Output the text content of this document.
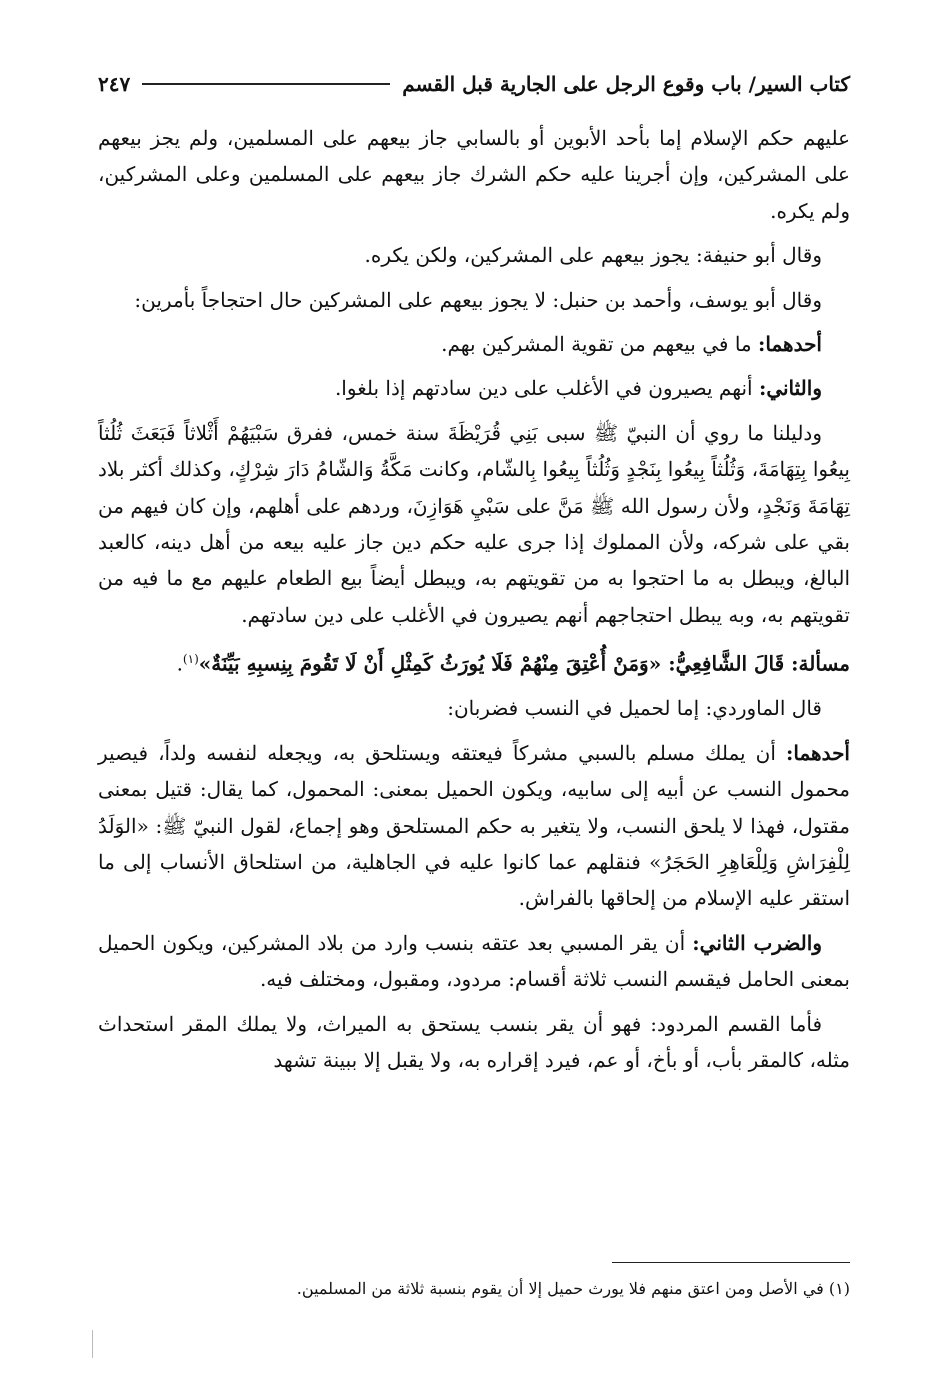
كتاب السير/ باب وقوع الرجل على الجارية قبل القسم
٢٤٧

عليهم حكم الإسلام إما بأحد الأبوين أو بالسابي جاز بيعهم على المسلمين، ولم يجز بيعهم على المشركين، وإن أجرينا عليه حكم الشرك جاز بيعهم على المسلمين وعلى المشركين، ولم يكره.

وقال أبو حنيفة: يجوز بيعهم على المشركين، ولكن يكره.

وقال أبو يوسف، وأحمد بن حنبل: لا يجوز بيعهم على المشركين حال احتجاجاً بأمرين:

أحدهما: ما في بيعهم من تقوية المشركين بهم.

والثاني: أنهم يصيرون في الأغلب على دين سادتهم إذا بلغوا.

ودليلنا ما روي أن النبيّ ﷺ سبى بَنِي قُرَيْظَةَ سنة خمس، ففرق سَبْيَهُمْ أَثْلاثاً فَبَعَثَ ثُلُثاً بِيعُوا بِتِهَامَةَ، وَثُلُثاً بِيعُوا بِنَجْدٍ وَثُلُثاً بِيعُوا بِالشّام، وكانت مَكَّةُ وَالشّامُ دَارَ شِرْكٍ، وكذلك أكثر بلاد تِهَامَةَ وَنَجْدٍ، ولأن رسول الله ﷺ مَنَّ على سَبْيِ هَوَازِنَ، وردهم على أهلهم، وإن كان فيهم من بقي على شركه، ولأن المملوك إذا جرى عليه حكم دين جاز عليه بيعه من أهل دينه، كالعبد البالغ، ويبطل به ما احتجوا به من تقويتهم به، ويبطل أيضاً بيع الطعام عليهم مع ما فيه من تقويتهم به، وبه يبطل احتجاجهم أنهم يصيرون في الأغلب على دين سادتهم.

مسألة: قَالَ الشَّافِعِيُّ: «وَمَنْ أُعْتِقَ مِنْهُمْ فَلَا يُورَثُ كَمِثْلِ أَنْ لَا تَقُومَ بِنِسبِهِ بَيِّنَةٌ»$^{(١)}$.

قال الماوردي: إما لحميل في النسب فضربان:

أحدهما: أن يملك مسلم بالسبي مشركاً فيعتقه ويستلحق به، ويجعله لنفسه ولداً، فيصير محمول النسب عن أبيه إلى سابيه، ويكون الحميل بمعنى: المحمول، كما يقال: قتيل بمعنى مقتول، فهذا لا يلحق النسب، ولا يتغير به حكم المستلحق وهو إجماع، لقول النبيّ ﷺ: «الوَلَدُ لِلْفِرَاشِ وَلِلْعَاهِرِ الحَجَرُ» فنقلهم عما كانوا عليه في الجاهلية، من استلحاق الأنساب إلى ما استقر عليه الإسلام من إلحاقها بالفراش.

والضرب الثاني: أن يقر المسبي بعد عتقه بنسب وارد من بلاد المشركين، ويكون الحميل بمعنى الحامل فيقسم النسب ثلاثة أقسام: مردود، ومقبول، ومختلف فيه.

فأما القسم المردود: فهو أن يقر بنسب يستحق به الميراث، ولا يملك المقر استحداث مثله، كالمقر بأب، أو بأخ، أو عم، فيرد إقراره به، ولا يقبل إلا ببينة تشهد

(١) في الأصل ومن اعتق منهم فلا يورث حميل إلا أن يقوم بنسبة ثلاثة من المسلمين.
